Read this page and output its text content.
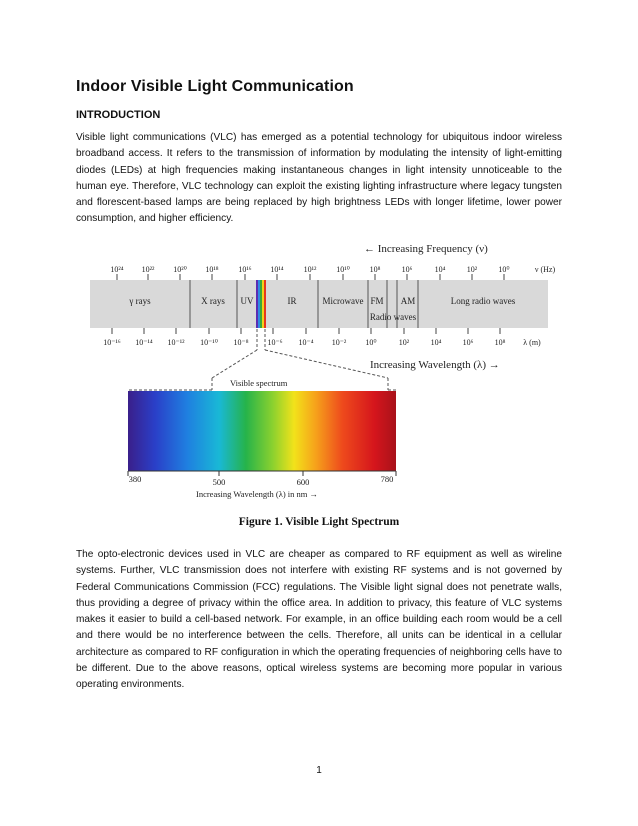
Indoor Visible Light Communication
INTRODUCTION

Visible light communications (VLC) has emerged as a potential technology for ubiquitous indoor wireless broadband access. It refers to the transmission of information by modulating the intensity of light-emitting diodes (LEDs) at high frequencies making instantaneous changes in light intensity unnoticeable to the human eye. Therefore, VLC technology can exploit the existing lighting infrastructure where legacy tungsten and florescent-based lamps are being replaced by high brightness LEDs with longer lifetime, lower power consumption, and higher efficiency.

← Increasing Frequency (ν)
10²⁴ 10²² 10²⁰ 10¹⁸ 10¹⁶ 10¹⁴	10¹² 10¹⁰ 10⁸	10⁶	10⁴	10²	10⁰	ν (Hz)
γ rays	X rays UV	IR	Microwave FM AM
Radio waves
Long radio waves
10⁻¹⁶ 10⁻¹⁴ 10⁻¹² 10⁻¹⁰ 10⁻⁸ 10⁻⁶ 10⁻⁴ 10⁻² 10⁰	10²	10⁴	10⁶	10⁸ λ (m)
Increasing Wavelength (λ) →
Visible spectrum
380	500	600	780
Increasing Wavelength (λ) in nm →
Figure 1. Visible Light Spectrum

The opto-electronic devices used in VLC are cheaper as compared to RF equipment as well as wireline systems. Further, VLC transmission does not interfere with existing RF systems and is not governed by Federal Communications Commission (FCC) regulations. The Visible light signal does not penetrate walls, thus providing a degree of privacy within the office area. In addition to privacy, this feature of VLC systems makes it easier to build a cell-based network. For example, in an office building each room would be a cell and there would be no interference between the cells. Therefore, all units can be identical in a cellular architecture as compared to RF configuration in which the operating frequencies of neighboring cells have to be different. Due to the above reasons, optical wireless systems are becoming more popular in various operating environments.

1
